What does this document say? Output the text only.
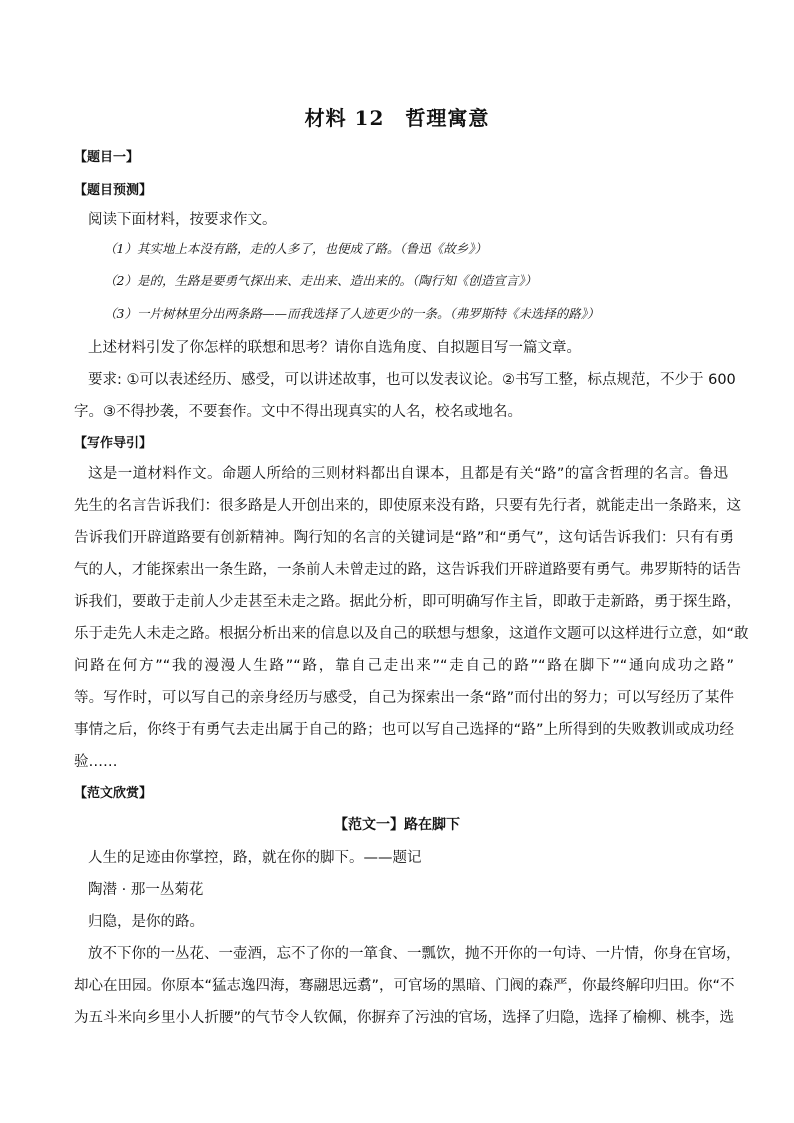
材料 12　哲理寓意
【题目一】
【题目预测】
阅读下面材料，按要求作文。
（1）其实地上本没有路，走的人多了，也便成了路。（鲁迅《故乡》）
（2）是的，生路是要勇气探出来、走出来、造出来的。（陶行知《创造宣言》）
（3）一片树林里分出两条路——而我选择了人迹更少的一条。（弗罗斯特《未选择的路》）
上述材料引发了你怎样的联想和思考？请你自选角度、自拟题目写一篇文章。
要求: ①可以表述经历、感受，可以讲述故事，也可以发表议论。②书写工整，标点规范，不少于 600
字。③不得抄袭，不要套作。文中不得出现真实的人名，校名或地名。
【写作导引】
这是一道材料作文。命题人所给的三则材料都出自课本，且都是有关“路”的富含哲理的名言。鲁迅
先生的名言告诉我们：很多路是人开创出来的，即使原来没有路，只要有先行者，就能走出一条路来，这
告诉我们开辟道路要有创新精神。陶行知的名言的关键词是“路”和“勇气”，这句话告诉我们：只有有勇
气的人，才能探索出一条生路，一条前人未曾走过的路，这告诉我们开辟道路要有勇气。弗罗斯特的话告
诉我们，要敢于走前人少走甚至未走之路。据此分析，即可明确写作主旨，即敢于走新路，勇于探生路，
乐于走先人未走之路。根据分析出来的信息以及自己的联想与想象，这道作文题可以这样进行立意，如“敢
问路在何方”“我的漫漫人生路”“路，靠自己走出来”“走自己的路”“路在脚下”“通向成功之路”
等。写作时，可以写自己的亲身经历与感受，自己为探索出一条“路”而付出的努力；可以写经历了某件
事情之后，你终于有勇气去走出属于自己的路；也可以写自己选择的“路”上所得到的失败教训或成功经
验……
【范文欣赏】
【范文一】路在脚下
人生的足迹由你掌控，路，就在你的脚下。——题记
陶潜 · 那一丛菊花
归隐，是你的路。
放不下你的一丛花、一壶酒，忘不了你的一箪食、一瓢饮，抛不开你的一句诗、一片情，你身在官场，
却心在田园。你原本“猛志逸四海，骞翮思远翥”，可官场的黑暗、门阀的森严，你最终解印归田。你“不
为五斗米向乡里小人折腰”的气节令人钦佩，你摒弃了污浊的官场，选择了归隐，选择了榆柳、桃李，选
